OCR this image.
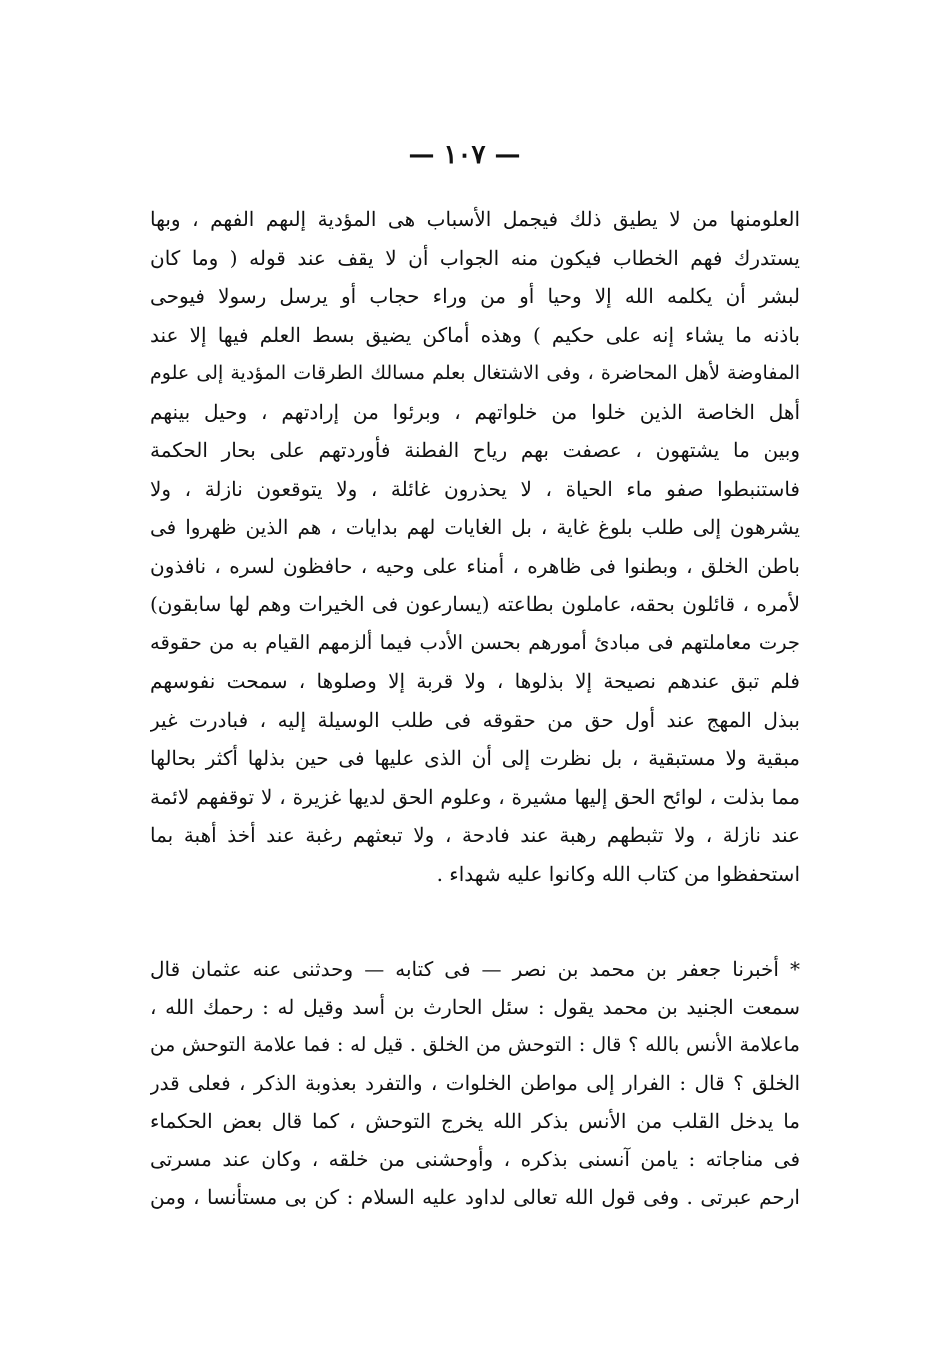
— ١٠٧ —
العلومنها من لا يطيق ذلك فيجمل الأسباب هى المؤدية إلىهم الفهم ، وبها
يستدرك فهم الخطاب فيكون منه الجواب أن لا يقف عند قوله ( وما كان
لبشر أن يكلمه الله إلا وحيا أو من وراء حجاب أو يرسل رسولا فيوحى
باذنه ما يشاء إنه على حكيم ) وهذه أماكن يضيق بسط العلم فيها إلا عند
المفاوضة لأهل المحاضرة ، وفى الاشتغال بعلم مسالك الطرقات المؤدية إلى علوم
أهل الخاصة الذين خلوا من خلواتهم ، وبرئوا من إرادتهم ، وحيل بينهم
وبين ما يشتهون ، عصفت بهم رياح الفطنة فأوردتهم على بحار الحكمة
فاستنبطوا صفو ماء الحياة ، لا يحذرون غائلة ، ولا يتوقعون نازلة ، ولا
يشرهون إلى طلب بلوغ غاية ، بل الغايات لهم بدايات ، هم الذين ظهروا فى
باطن الخلق ، وبطنوا فى ظاهره ، أمناء على وحيه ، حافظون لسره ، نافذون
لأمره ، قائلون بحقه، عاملون بطاعته (يسارعون فى الخيرات وهم لها سابقون)
جرت معاملتهم فى مبادئ أمورهم بحسن الأدب فيما ألزمهم القيام به من حقوقه
فلم تبق عندهم نصيحة إلا بذلوها ، ولا قربة إلا وصلوها ، سمحت نفوسهم
ببذل المهج عند أول حق من حقوقه فى طلب الوسيلة إليه ، فبادرت غير
مبقية ولا مستبقية ، بل نظرت إلى أن الذى عليها فى حين بذلها أكثر بحالها
مما بذلت ، لوائح الحق إليها مشيرة ، وعلوم الحق لديها غزيرة ، لا توقفهم لائمة
عند نازلة ، ولا تثبطهم رهبة عند فادحة ، ولا تبعثهم رغبة عند أخذ أهبة بما
استحفظوا من كتاب الله وكانوا عليه شهداء .
* أخبرنا جعفر بن محمد بن نصر — فى كتابه — وحدثنى عنه عثمان قال
سمعت الجنيد بن محمد يقول : سئل الحارث بن أسد وقيل له : رحمك الله ،
ماعلامة الأنس بالله ؟ قال : التوحش من الخلق . قيل له : فما علامة التوحش من
الخلق ؟ قال : الفرار إلى مواطن الخلوات ، والتفرد بعذوبة الذكر ، فعلى قدر
ما يدخل القلب من الأنس بذكر الله يخرج التوحش ، كما قال بعض الحكماء
فى مناجاته : يامن آنسنى بذكره ، وأوحشنى من خلقه ، وكان عند مسرتى
ارحم عبرتى . وفى قول الله تعالى لداود عليه السلام : كن بى مستأنسا ، ومن
